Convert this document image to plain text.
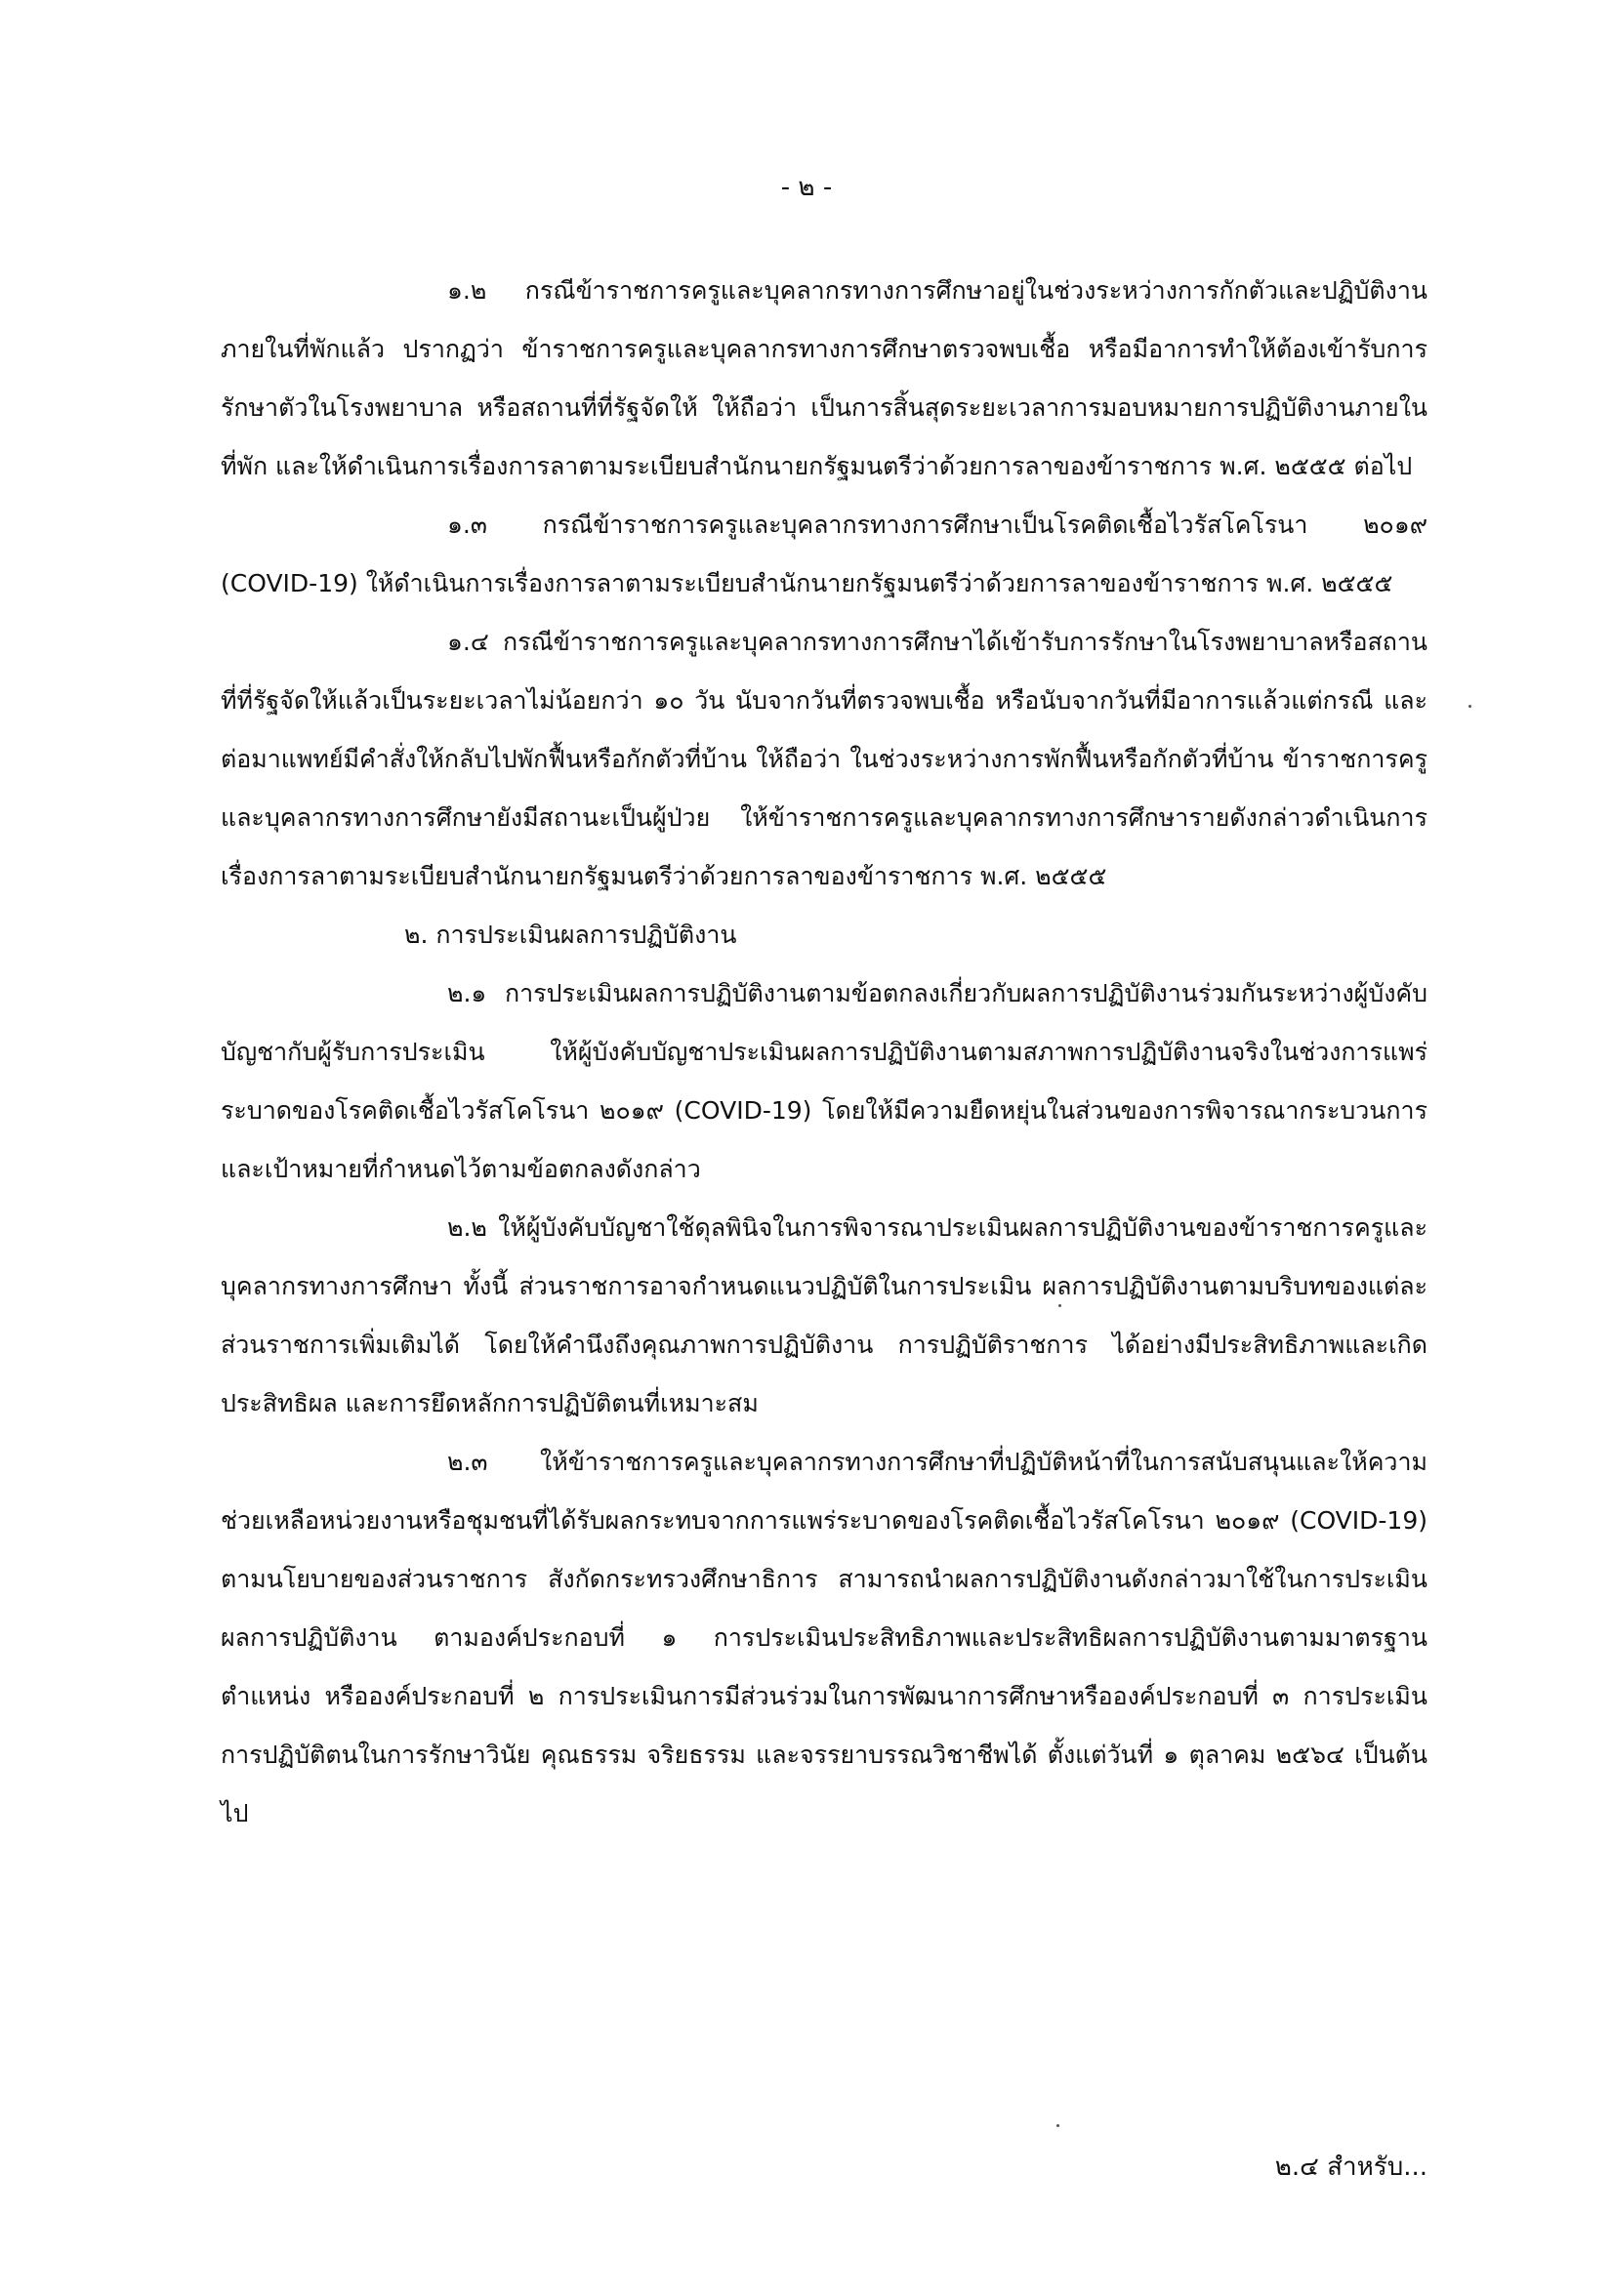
- ๒ -

๑.๒ กรณีข้าราชการครูและบุคลากรทางการศึกษาอยู่ในช่วงระหว่างการกักตัวและปฏิบัติงานภายในที่พักแล้ว ปรากฏว่า ข้าราชการครูและบุคลากรทางการศึกษาตรวจพบเชื้อ หรือมีอาการทำให้ต้องเข้ารับการรักษาตัวในโรงพยาบาล หรือสถานที่ที่รัฐจัดให้ ให้ถือว่า เป็นการสิ้นสุดระยะเวลาการมอบหมายการปฏิบัติงานภายในที่พัก และให้ดำเนินการเรื่องการลาตามระเบียบสำนักนายกรัฐมนตรีว่าด้วยการลาของข้าราชการ พ.ศ. ๒๕๕๕ ต่อไป

๑.๓ กรณีข้าราชการครูและบุคลากรทางการศึกษาเป็นโรคติดเชื้อไวรัสโคโรนา ๒๐๑๙ (COVID-19) ให้ดำเนินการเรื่องการลาตามระเบียบสำนักนายกรัฐมนตรีว่าด้วยการลาของข้าราชการ พ.ศ. ๒๕๕๕

๑.๔ กรณีข้าราชการครูและบุคลากรทางการศึกษาได้เข้ารับการรักษาในโรงพยาบาลหรือสถานที่ที่รัฐจัดให้แล้วเป็นระยะเวลาไม่น้อยกว่า ๑๐ วัน นับจากวันที่ตรวจพบเชื้อ หรือนับจากวันที่มีอาการแล้วแต่กรณี และต่อมาแพทย์มีคำสั่งให้กลับไปพักฟื้นหรือกักตัวที่บ้าน ให้ถือว่า ในช่วงระหว่างการพักฟื้นหรือกักตัวที่บ้าน ข้าราชการครูและบุคลากรทางการศึกษายังมีสถานะเป็นผู้ป่วย ให้ข้าราชการครูและบุคลากรทางการศึกษารายดังกล่าวดำเนินการเรื่องการลาตามระเบียบสำนักนายกรัฐมนตรีว่าด้วยการลาของข้าราชการ พ.ศ. ๒๕๕๕

๒. การประเมินผลการปฏิบัติงาน

๒.๑ การประเมินผลการปฏิบัติงานตามข้อตกลงเกี่ยวกับผลการปฏิบัติงานร่วมกันระหว่างผู้บังคับบัญชากับผู้รับการประเมิน ให้ผู้บังคับบัญชาประเมินผลการปฏิบัติงานตามสภาพการปฏิบัติงานจริงในช่วงการแพร่ระบาดของโรคติดเชื้อไวรัสโคโรนา ๒๐๑๙ (COVID-19) โดยให้มีความยืดหยุ่นในส่วนของการพิจารณากระบวนการและเป้าหมายที่กำหนดไว้ตามข้อตกลงดังกล่าว

๒.๒ ให้ผู้บังคับบัญชาใช้ดุลพินิจในการพิจารณาประเมินผลการปฏิบัติงานของข้าราชการครูและบุคลากรทางการศึกษา ทั้งนี้ ส่วนราชการอาจกำหนดแนวปฏิบัติในการประเมิน ผลการปฏิบัติงานตามบริบทของแต่ละส่วนราชการเพิ่มเติมได้ โดยให้คำนึงถึงคุณภาพการปฏิบัติงาน การปฏิบัติราชการ ได้อย่างมีประสิทธิภาพและเกิดประสิทธิผล และการยึดหลักการปฏิบัติตนที่เหมาะสม

๒.๓ ให้ข้าราชการครูและบุคลากรทางการศึกษาที่ปฏิบัติหน้าที่ในการสนับสนุนและให้ความช่วยเหลือหน่วยงานหรือชุมชนที่ได้รับผลกระทบจากการแพร่ระบาดของโรคติดเชื้อไวรัสโคโรนา ๒๐๑๙ (COVID-19) ตามนโยบายของส่วนราชการ สังกัดกระทรวงศึกษาธิการ สามารถนำผลการปฏิบัติงานดังกล่าวมาใช้ในการประเมินผลการปฏิบัติงาน ตามองค์ประกอบที่ ๑ การประเมินประสิทธิภาพและประสิทธิผลการปฏิบัติงานตามมาตรฐานตำแหน่ง หรือองค์ประกอบที่ ๒ การประเมินการมีส่วนร่วมในการพัฒนาการศึกษาหรือองค์ประกอบที่ ๓ การประเมินการปฏิบัติตนในการรักษาวินัย คุณธรรม จริยธรรม และจรรยาบรรณวิชาชีพได้ ตั้งแต่วันที่ ๑ ตุลาคม ๒๕๖๔ เป็นต้นไป

๒.๔ สำหรับ...
